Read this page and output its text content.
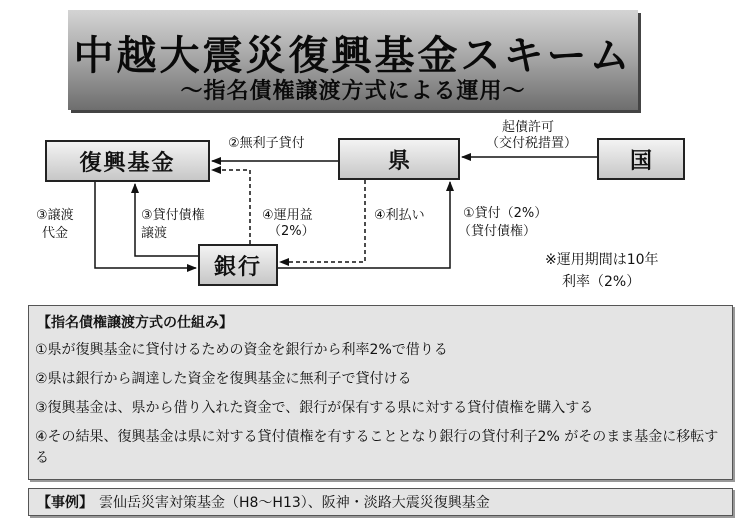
中越大震災復興基金スキーム
～指名債権譲渡方式による運用～
復興基金	県	国
銀行
②無利子貸付
起債許可
（交付税措置）
③譲渡
代金
③貸付債権
譲渡
④運用益
（2%）
④利払い	①貸付（2%）
（貸付債権）
※運用期間は10年
利率（2%）
【指名債権譲渡方式の仕組み】
①県が復興基金に貸付けるための資金を銀行から利率2%で借りる
②県は銀行から調達した資金を復興基金に無利子で貸付ける
③復興基金は、県から借り入れた資金で、銀行が保有する県に対する貸付債権を購入する
④その結果、復興基金は県に対する貸付債権を有することとなり銀行の貸付利子2% がそのまま基金に移転する
【事例】 雲仙岳災害対策基金（H8～H13）、阪神・淡路大震災復興基金
